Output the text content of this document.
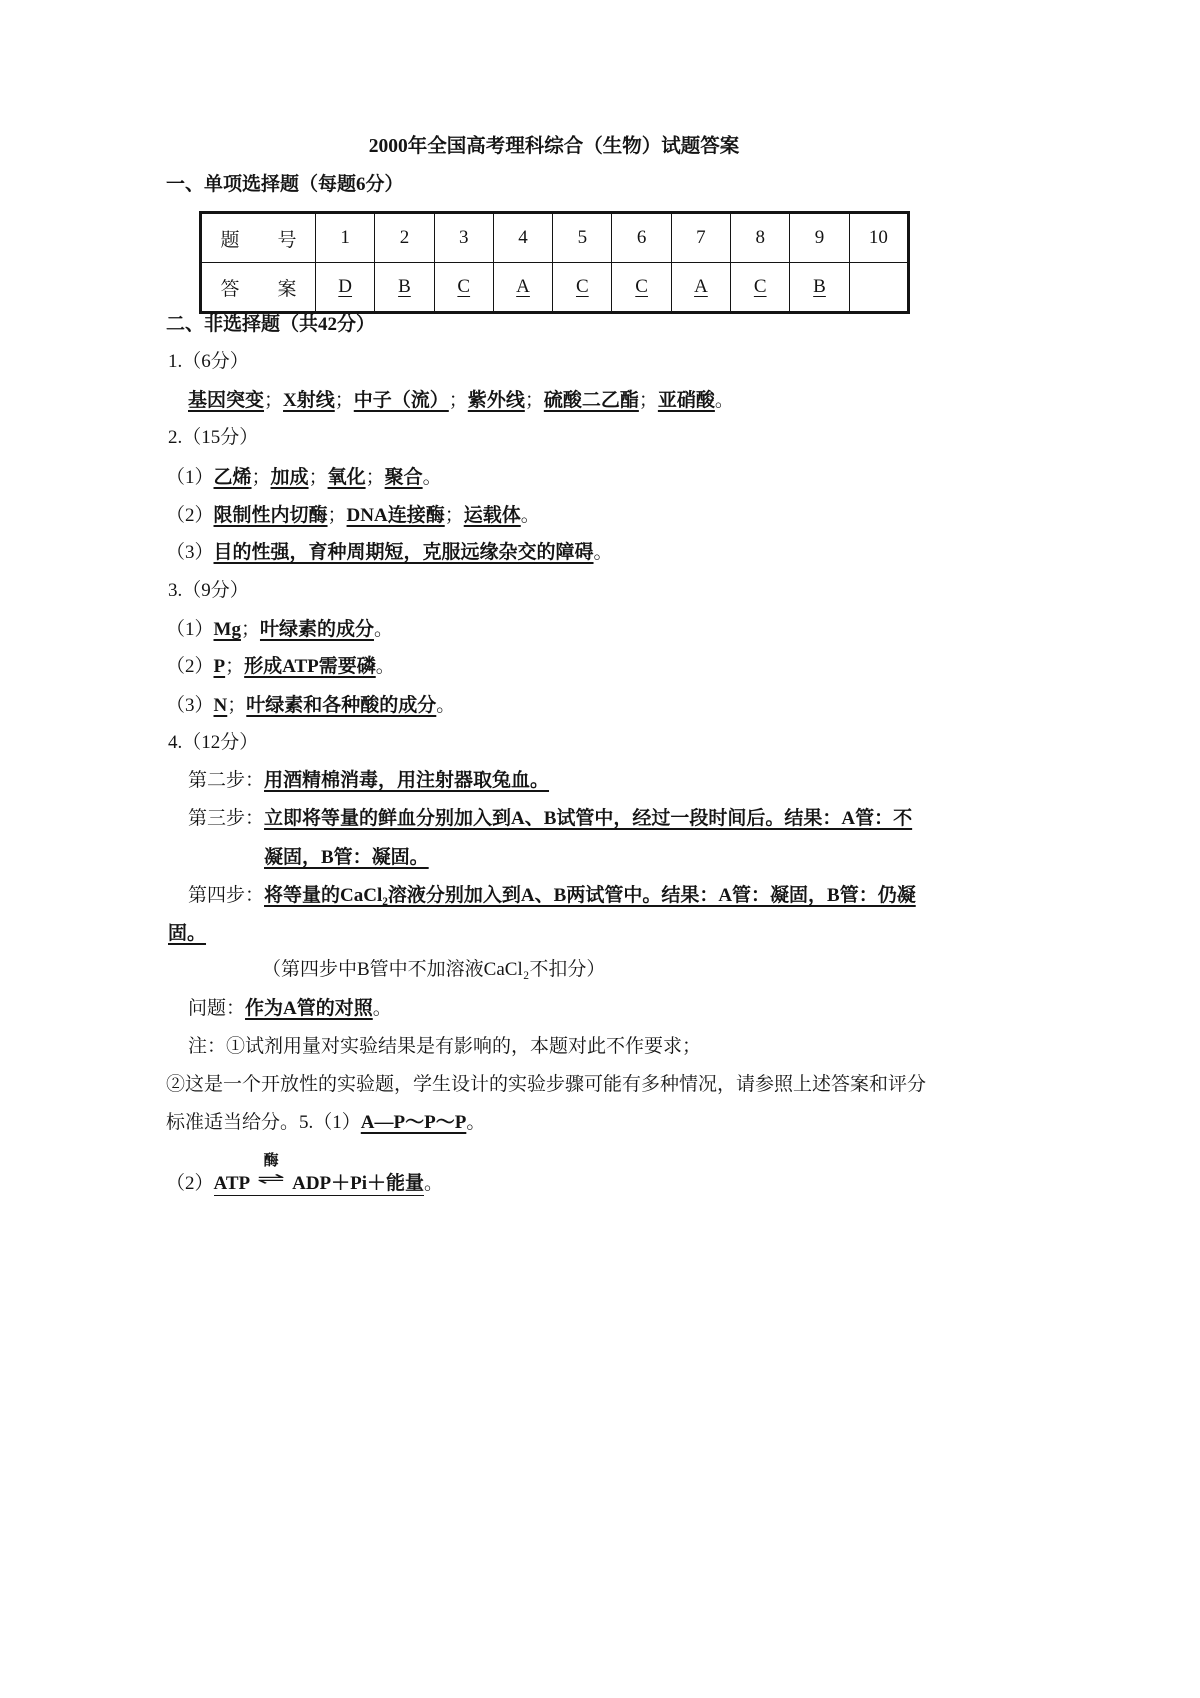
2000年全国高考理科综合（生物）试题答案
一、单项选择题（每题6分）
题　　号	1	2	3	4	5	6	7	8	9	10
答　　案	D	B	C	A	C	C	A	C	B	
二、非选择题（共42分）
1.（6分）
基因突变 ； X射线 ； 中子（流） ； 紫外线 ； 硫酸二乙酯 ； 亚硝酸 。
2.（15分）
（1） 乙烯 ； 加成 ； 氧化 ； 聚合 。
（2） 限制性内切酶 ； DNA连接酶 ； 运载体 。
（3） 目的性强，育种周期短，克服远缘杂交的障碍 。
3.（9分）
（1） Mg ； 叶绿素的成分 。
（2） P ； 形成ATP需要磷 。
（3） N ； 叶绿素和各种酸的成分 。
4.（12分）
第二步： 用酒精棉消毒，用注射器取兔血。
第三步： 立即将等量的鲜血分别加入到A、B试管中，经过一段时间后。结果：A管：不
凝固，B管：凝固。
第四步： 将等量的CaCl₂溶液分别加入到A、B两试管中。结果：A管：凝固，B管：仍凝
固。
（第四步中B管中不加溶液CaCl₂不扣分）
问题： 作为A管的对照 。
注：①试剂用量对实验结果是有影响的，本题对此不作要求；
②这是一个开放性的实验题，学生设计的实验步骤可能有多种情况，请参照上述答案和评分
标准适当给分。 5. （1） A—P～P～P 。
（2） ATP
酶
⇌ ADP＋Pi＋能量 。
